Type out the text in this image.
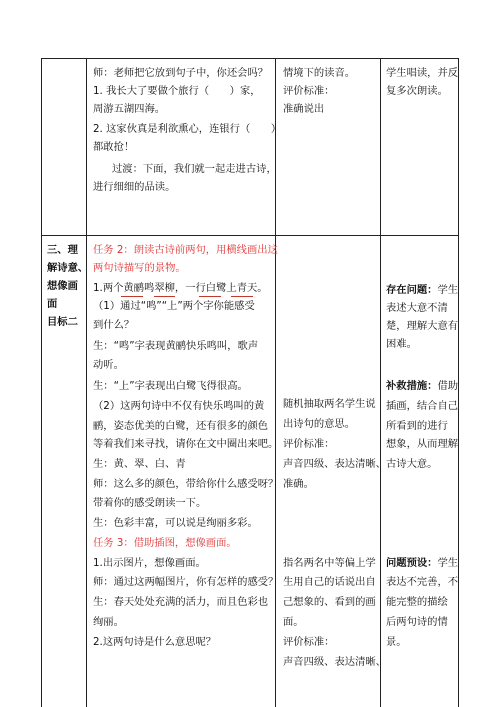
师：老师把它放到句子中，你还会吗？
1. 我长大了要做个旅行（　　）家，
周游五湖四海。
2. 这家伙真是利欲熏心，连银行（　　）
都敢抢！
过渡：下面，我们就一起走进古诗，
进行细细的品读。
情境下的读音。
评价标准：
准确说出
学生唱读，并反
复多次朗读。
三、理
解诗意、
想像画
面
目标二
任务 2：朗读古诗前两句，用横线画出这
两句诗描写的景物。
1.两个黄鹂鸣翠柳，一行白鹭上青天。
（1）通过“鸣”“上”两个字你能感受
到什么？
生：“鸣”字表现黄鹂快乐鸣叫，歌声
动听。
生：“上”字表现出白鹭飞得很高。
（2）这两句诗中不仅有快乐鸣叫的黄
鹂，姿态优美的白鹭，还有很多的颜色
等着我们来寻找，请你在文中圈出来吧。
生：黄、翠、白、青
师：这么多的颜色，带给你什么感受呀？
带着你的感受朗读一下。
生：色彩丰富，可以说是绚丽多彩。
任务 3：借助插图，想像画面。
1.出示图片，想像画面。
师：通过这两幅图片，你有怎样的感受？
生：春天处处充满的活力，而且色彩也
绚丽。
2.这两句诗是什么意思呢？
随机抽取两名学生说
出诗句的意思。
评价标准：
声音四级、表达清晰、
准确。
指名两名中等偏上学
生用自己的话说出自
己想象的、看到的画
面。
评价标准：
声音四级、表达清晰、
存在问题：学生
表述大意不清
楚，理解大意有
困难。
补救措施：借助
插画，结合自己
所看到的进行
想象，从而理解
古诗大意。
问题预设：学生
表达不完善，不
能完整的描绘
后两句诗的情
景。
